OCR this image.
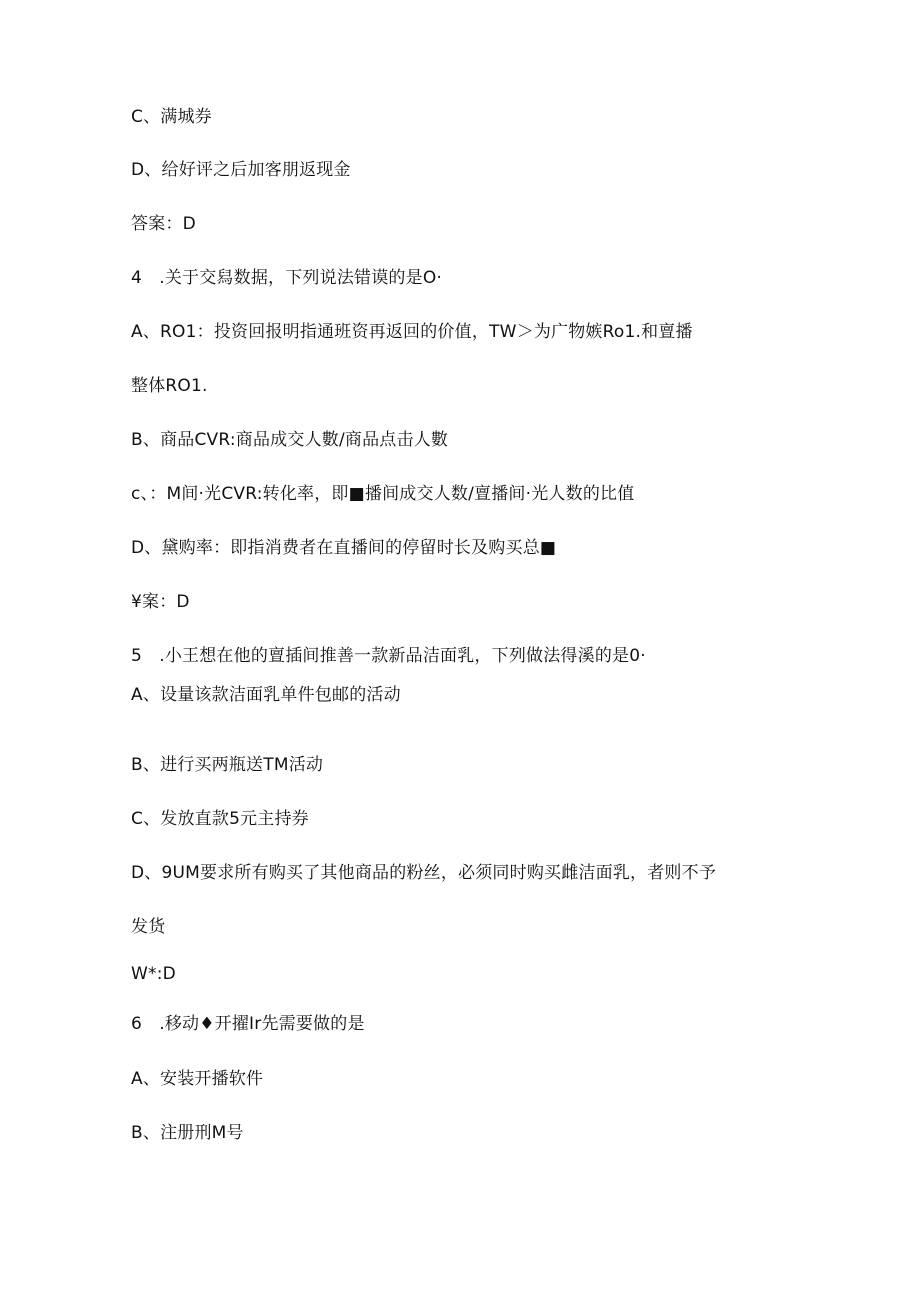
C、满城券
D、给好评之后加客朋返现金
答案：D
4　.关于交舄数据，下列说法错谟的是O·
A、RO1：投资回报明指通班资再返回的价值，TW＞为广物嫉Ro1.和亶播
整体RO1.
B、商品CVR:商品成交人數/商品点击人數
c、：M间·光CVR:转化率，即■播间成交人数/亶播间·光人数的比值
D、黛购率：即指消费者在直播间的停留时长及购买总■
¥案：D
5　.小王想在他的亶插间推善一款新品洁面乳，下列做法得溪的是0·
A、设量该款洁面乳单件包邮的活动
B、进行买两瓶送TM活动
C、发放直款5元主持券
D、9UM要求所有购买了其他商品的粉丝，必须同时购买雌洁面乳，者则不予
发货
W*:D
6　.移动♦开擢Ir先需要做的是
A、安装开播软件
B、注册刑M号
